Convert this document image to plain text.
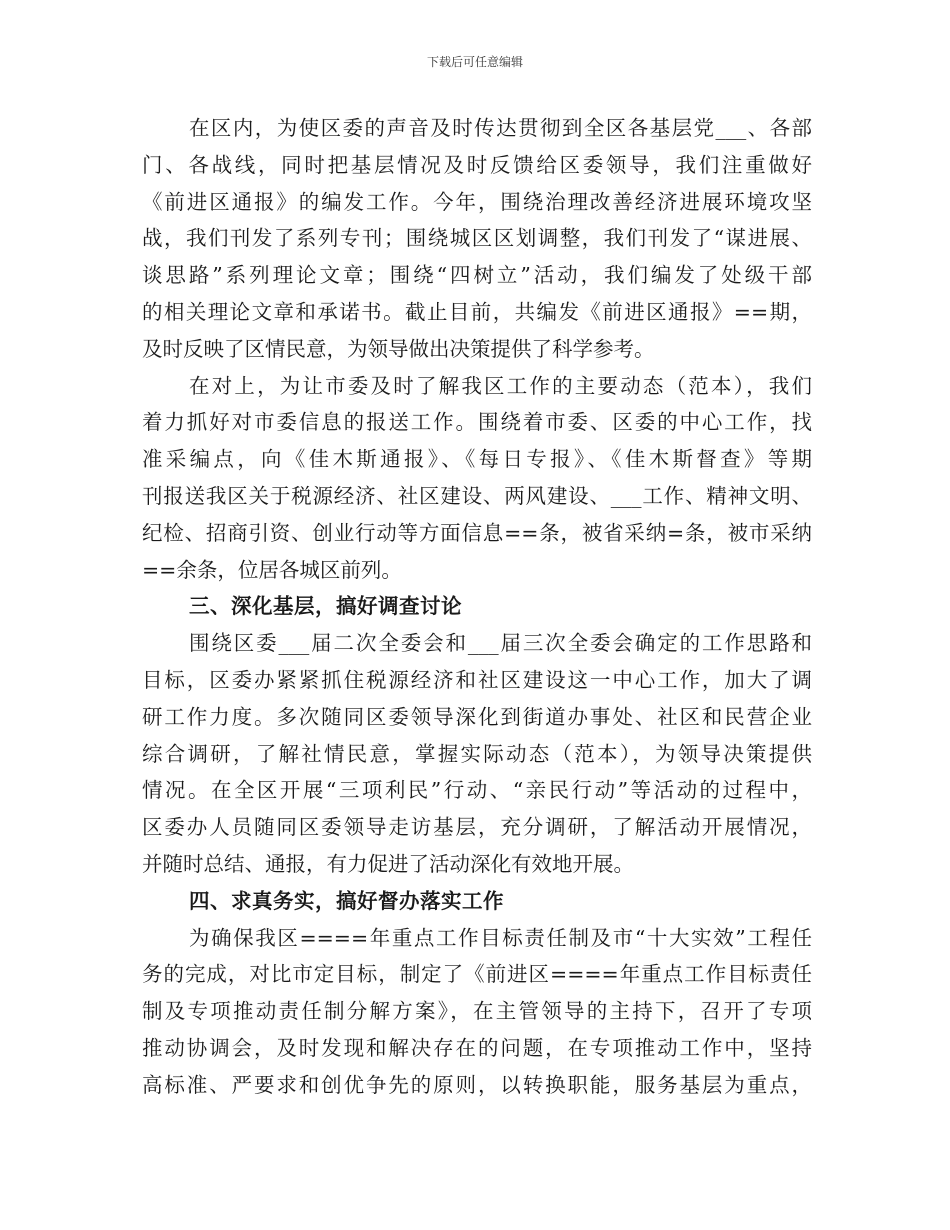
下载后可任意编辑
在区内，为使区委的声音及时传达贯彻到全区各基层党___、各部
门、各战线，同时把基层情况及时反馈给区委领导，我们注重做好
《前进区通报》的编发工作。今年，围绕治理改善经济进展环境攻坚
战，我们刊发了系列专刊；围绕城区区划调整，我们刊发了“谋进展、
谈思路”系列理论文章；围绕“四树立”活动，我们编发了处级干部
的相关理论文章和承诺书。截止目前，共编发《前进区通报》==期，
及时反映了区情民意，为领导做出决策提供了科学参考。
在对上，为让市委及时了解我区工作的主要动态（范本），我们
着力抓好对市委信息的报送工作。围绕着市委、区委的中心工作，找
准采编点，向《佳木斯通报》、《每日专报》、《佳木斯督查》等期
刊报送我区关于税源经济、社区建设、两风建设、___工作、精神文明、
纪检、招商引资、创业行动等方面信息==条，被省采纳=条，被市采纳
==余条，位居各城区前列。
三、深化基层，搞好调查讨论
围绕区委___届二次全委会和___届三次全委会确定的工作思路和
目标，区委办紧紧抓住税源经济和社区建设这一中心工作，加大了调
研工作力度。多次随同区委领导深化到街道办事处、社区和民营企业
综合调研，了解社情民意，掌握实际动态（范本），为领导决策提供
情况。在全区开展“三项利民”行动、“亲民行动”等活动的过程中，
区委办人员随同区委领导走访基层，充分调研，了解活动开展情况，
并随时总结、通报，有力促进了活动深化有效地开展。
四、求真务实，搞好督办落实工作
为确保我区====年重点工作目标责任制及市“十大实效”工程任
务的完成，对比市定目标，制定了《前进区====年重点工作目标责任
制及专项推动责任制分解方案》，在主管领导的主持下，召开了专项
推动协调会，及时发现和解决存在的问题，在专项推动工作中，坚持
高标准、严要求和创优争先的原则，以转换职能，服务基层为重点，
